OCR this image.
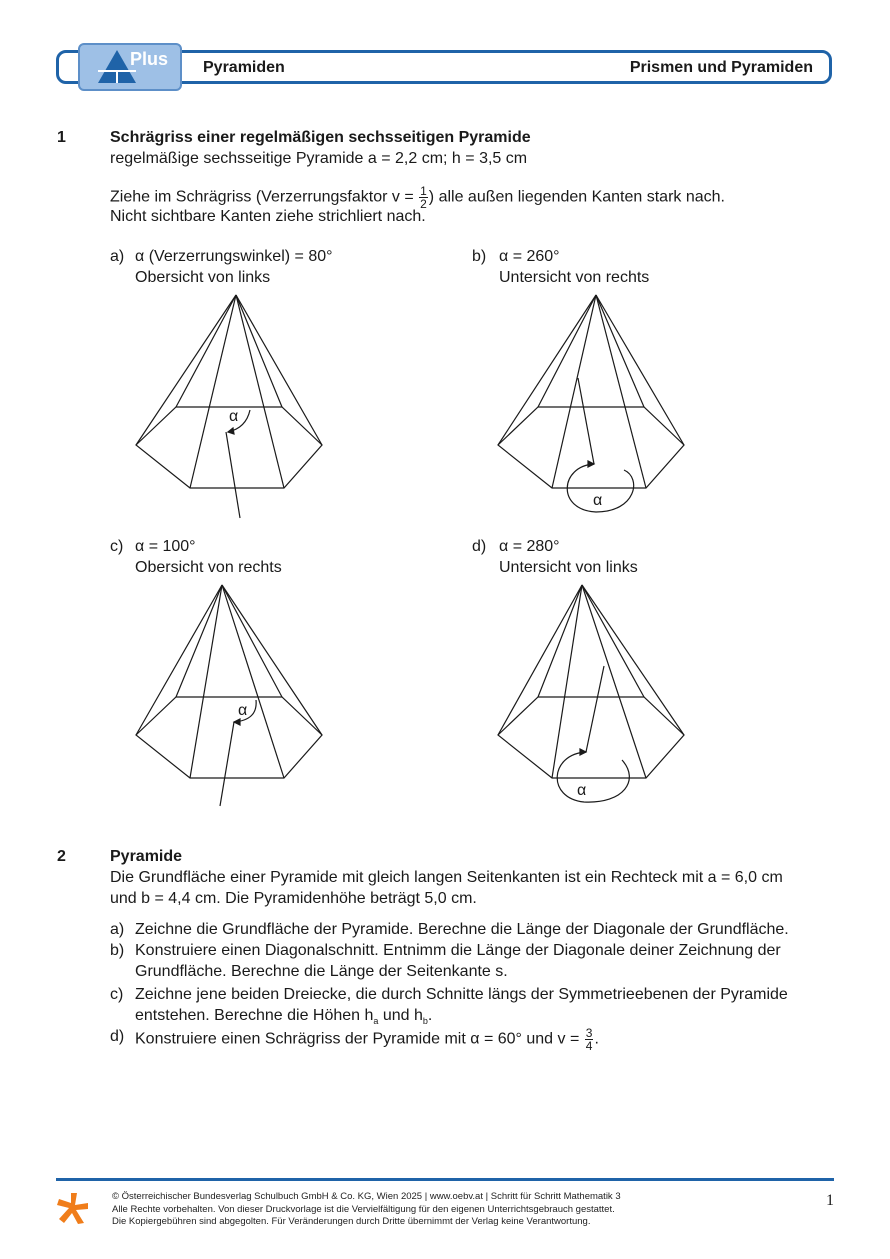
Plus Pyramiden	Prismen und Pyramiden
1	Schrägriss einer regelmäßigen sechsseitigen Pyramide
regelmäßige sechsseitige Pyramide a = 2,2 cm; h = 3,5 cm
Ziehe im Schrägriss (Verzerrungsfaktor $v = \frac{1}{2}$ ) alle außen liegenden Kanten stark nach.
Nicht sichtbare Kanten ziehe strichliert nach.
a) α (Verzerrungswinkel) = 80°
Obersicht von links
b) α = 260°
Untersicht von rechts
c) α = 100°
Obersicht von rechts
d) α = 280°
Untersicht von links
α
α
α
α
2	Pyramide
Die Grundfläche einer Pyramide mit gleich langen Seitenkanten ist ein Rechteck mit a = 6,0 cm
und b = 4,4 cm. Die Pyramidenhöhe beträgt 5,0 cm.
a) Zeichne die Grundfläche der Pyramide. Berechne die Länge der Diagonale der Grundfläche.
b) Konstruiere einen Diagonalschnitt. Entnimm die Länge der Diagonale deiner Zeichnung der
Grundfläche. Berechne die Länge der Seitenkante s.
c) Zeichne jene beiden Dreiecke, die durch Schnitte längs der Symmetrieebenen der Pyramide
entstehen. Berechne die Höhen $h_a$ und $h_b$.
d) Konstruiere einen Schrägriss der Pyramide mit α = 60° und $v = \frac{3}{4}$ .
© Österreichischer Bundesverlag Schulbuch GmbH & Co. KG, Wien 2025 | www.oebv.at | Schritt für Schritt Mathematik 3
Alle Rechte vorbehalten. Von dieser Druckvorlage ist die Vervielfältigung für den eigenen Unterrichtsgebrauch gestattet.
Die Kopiergebühren sind abgegolten. Für Veränderungen durch Dritte übernimmt der Verlag keine Verantwortung.
1
